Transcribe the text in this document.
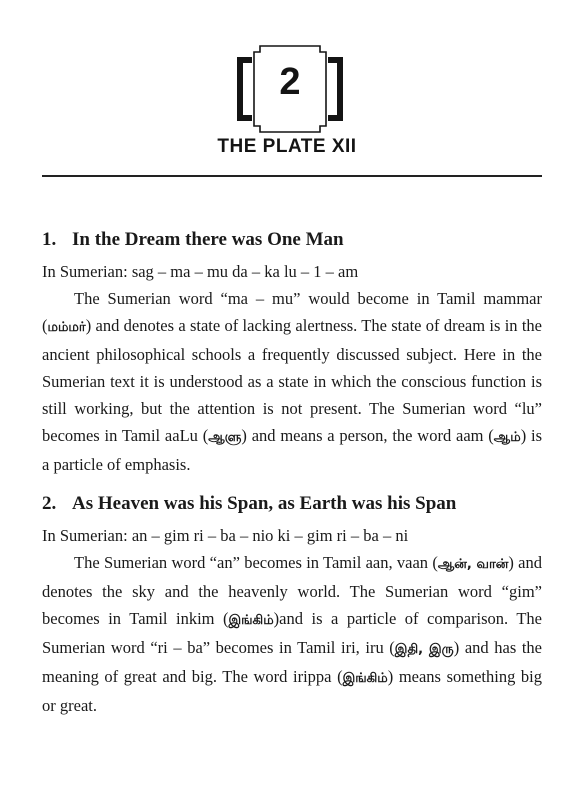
2
THE PLATE XII

1. In the Dream there was One Man

In Sumerian: sag – ma – mu da – ka lu – 1 – am

The Sumerian word “ma – mu” would become in Tamil mammar (மம்மர்) and denotes a state of lacking alertness. The state of dream is in the ancient philosophical schools a frequently discussed subject. Here in the Sumerian text it is understood as a state in which the conscious function is still working, but the attention is not present. The Sumerian word “lu” becomes in Tamil aaLu (ஆளு) and means a person, the word aam (ஆம்) is a particle of emphasis.

2. As Heaven was his Span, as Earth was his Span

In Sumerian: an – gim ri – ba – nio ki – gim ri – ba – ni

The Sumerian word “an” becomes in Tamil aan, vaan (ஆன், வான்) and denotes the sky and the heavenly world. The Sumerian word “gim” becomes in Tamil inkim (இங்கிம்)and is a particle of comparison. The Sumerian word “ri – ba” becomes in Tamil iri, iru (இதி, இரு) and has the meaning of great and big. The word irippa (இங்கிம்) means something big or great.
